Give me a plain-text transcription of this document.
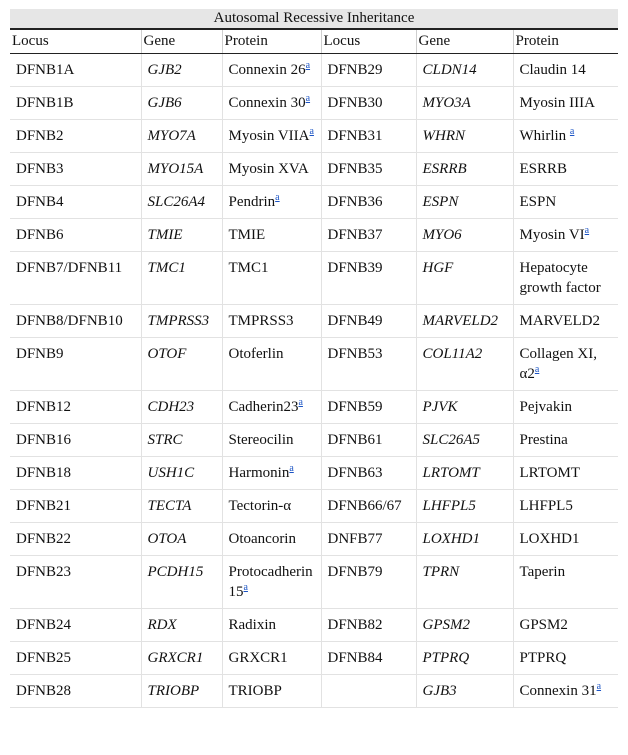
Autosomal Recessive Inheritance
Locus	Gene	Protein	Locus	Gene	Protein
DFNB1A	GJB2	Connexin 26$^a$	DFNB29	CLDN14	Claudin 14
DFNB1B	GJB6	Connexin 30$^a$	DFNB30	MYO3A	Myosin IIIA
DFNB2	MYO7A	Myosin VIIA$^a$	DFNB31	WHRN	Whirlin $^a$
DFNB3	MYO15A	Myosin XVA	DFNB35	ESRRB	ESRRB
DFNB4	SLC26A4	Pendrin$^a$	DFNB36	ESPN	ESPN
DFNB6	TMIE	TMIE	DFNB37	MYO6	Myosin VI$^a$
DFNB7/DFNB11	TMC1	TMC1	DFNB39	HGF	Hepatocyte growth factor
DFNB8/DFNB10	TMPRSS3	TMPRSS3	DFNB49	MARVELD2	MARVELD2
DFNB9	OTOF	Otoferlin	DFNB53	COL11A2	Collagen XI, α2$^a$
DFNB12	CDH23	Cadherin23$^a$	DFNB59	PJVK	Pejvakin
DFNB16	STRC	Stereocilin	DFNB61	SLC26A5	Prestina
DFNB18	USH1C	Harmonin$^a$	DFNB63	LRTOMT	LRTOMT
DFNB21	TECTA	Tectorin-α	DFNB66/67	LHFPL5	LHFPL5
DFNB22	OTOA	Otoancorin	DNFB77	LOXHD1	LOXHD1
DFNB23	PCDH15	Protocadherin 15$^a$	DFNB79	TPRN	Taperin
DFNB24	RDX	Radixin	DFNB82	GPSM2	GPSM2
DFNB25	GRXCR1	GRXCR1	DFNB84	PTPRQ	PTPRQ
DFNB28	TRIOBP	TRIOBP		GJB3	Connexin 31$^a$
